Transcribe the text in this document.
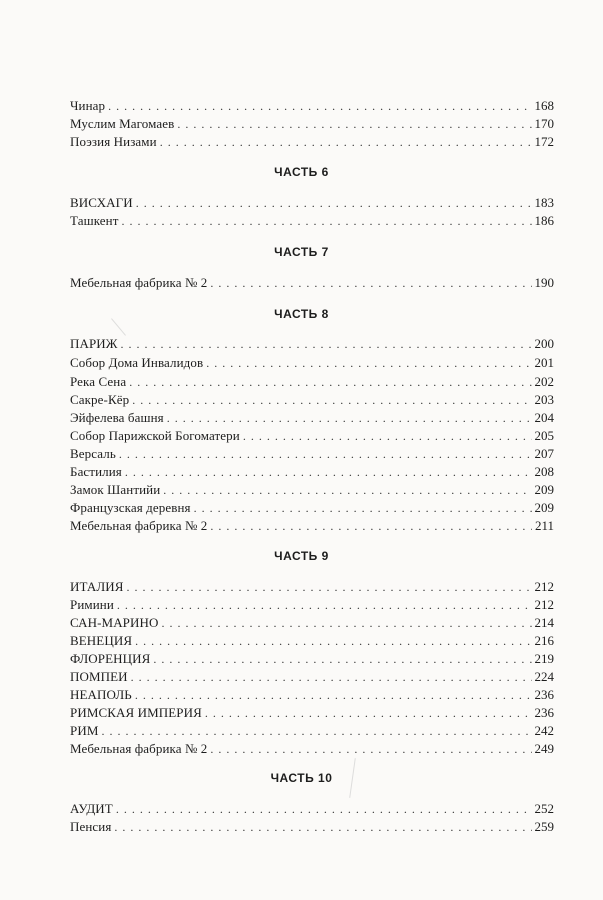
Чинар . . .	168
Муслим Магомаев . . .	170
Поэзия Низами . . .	172
ЧАСТЬ 6
ВИСХАГИ . . .	183
Ташкент . . .	186
ЧАСТЬ 7
Мебельная фабрика № 2 . . .	190
ЧАСТЬ 8
ПАРИЖ . . .	200
Собор Дома Инвалидов . . .	201
Река Сена . . .	202
Сакре-Кёр . . .	203
Эйфелева башня . . .	204
Собор Парижской Богоматери . . .	205
Версаль . . .	207
Бастилия . . .	208
Замок Шантийи . . .	209
Французская деревня . . .	209
Мебельная фабрика № 2 . . .	211
ЧАСТЬ 9
ИТАЛИЯ . . .	212
Римини . . .	212
САН-МАРИНО . . .	214
ВЕНЕЦИЯ . . .	216
ФЛОРЕНЦИЯ . . .	219
ПОМПЕИ . . .	224
НЕАПОЛЬ . . .	236
РИМСКАЯ ИМПЕРИЯ . . .	236
РИМ . . .	242
Мебельная фабрика № 2 . . .	249
ЧАСТЬ 10
АУДИТ . . .	252
Пенсия . . .	259
